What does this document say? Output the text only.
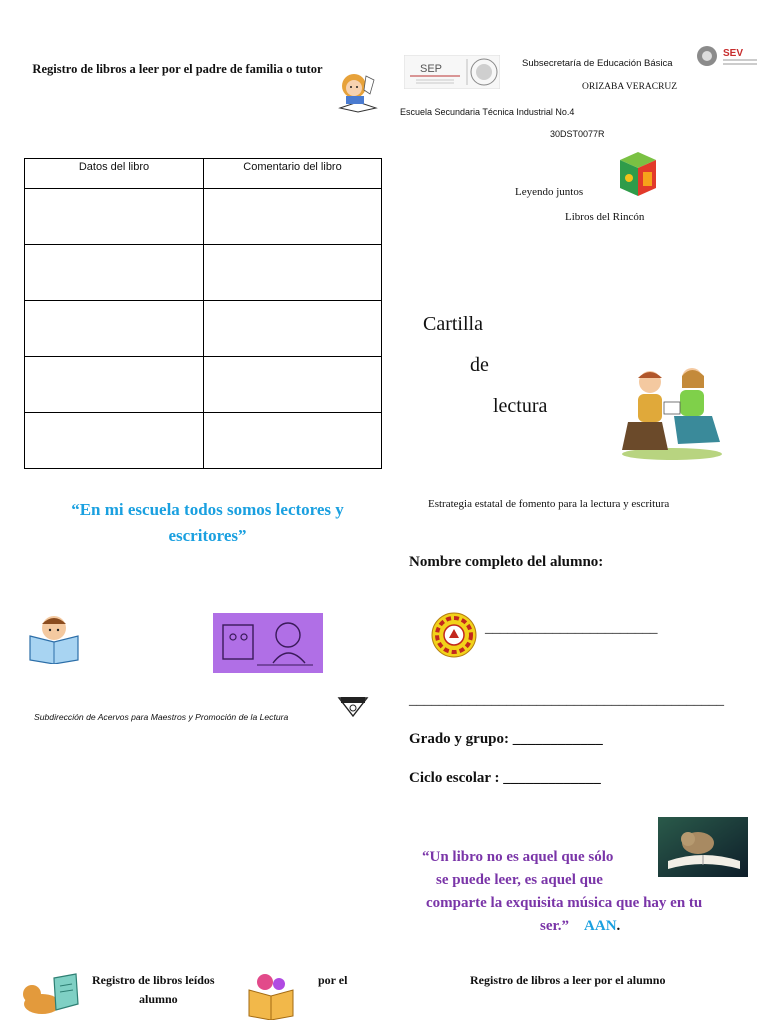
Registro de libros a leer por el padre de familia o tutor
Datos del libro	Comentario del libro

“En mi escuela todos somos lectores y escritores”
Subdirección de Acervos para Maestros y Promoción de la Lectura
Registro de libros leídos	por el
alumno
SEP	Subsecretaría de Educación Básica
SEV
ORIZABA VERACRUZ
Escuela Secundaria Técnica Industrial No.4
30DST0077R
Leyendo juntos
Libros del Rincón
Cartilla
de
lectura
Estrategia estatal de fomento para la lectura y escritura
Nombre completo del alumno:
_______________________
__________________________________________
Grado y grupo: ____________
Ciclo escolar : _____________
“Un libro no es aquel que sólo
se puede leer, es aquel que
comparte la exquisita música que hay en tu
ser.” AAN.
Registro de libros a leer por el alumno
